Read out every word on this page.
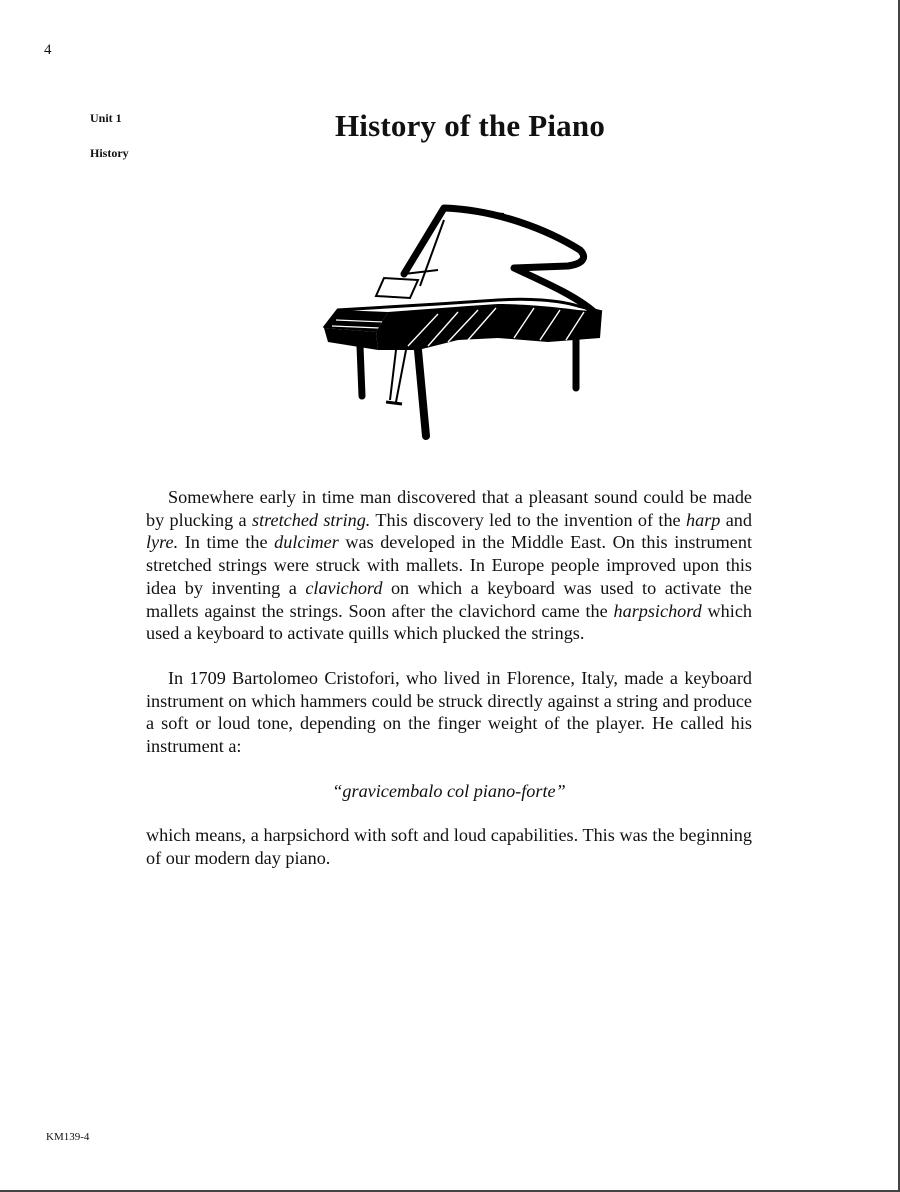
4
Unit 1
History
History of the Piano

Somewhere early in time man discovered that a pleasant sound could be made by plucking a stretched string. This discovery led to the invention of the harp and lyre. In time the dulcimer was developed in the Middle East. On this instrument stretched strings were struck with mallets. In Europe people improved upon this idea by inventing a clavichord on which a keyboard was used to activate the mallets against the strings. Soon after the clavichord came the harpsichord which used a keyboard to activate quills which plucked the strings.

In 1709 Bartolomeo Cristofori, who lived in Florence, Italy, made a keyboard instrument on which hammers could be struck directly against a string and produce a soft or loud tone, depending on the finger weight of the player. He called his instrument a:

“gravicembalo col piano-forte”

which means, a harpsichord with soft and loud capabilities. This was the beginning of our modern day piano.

KM139-4
